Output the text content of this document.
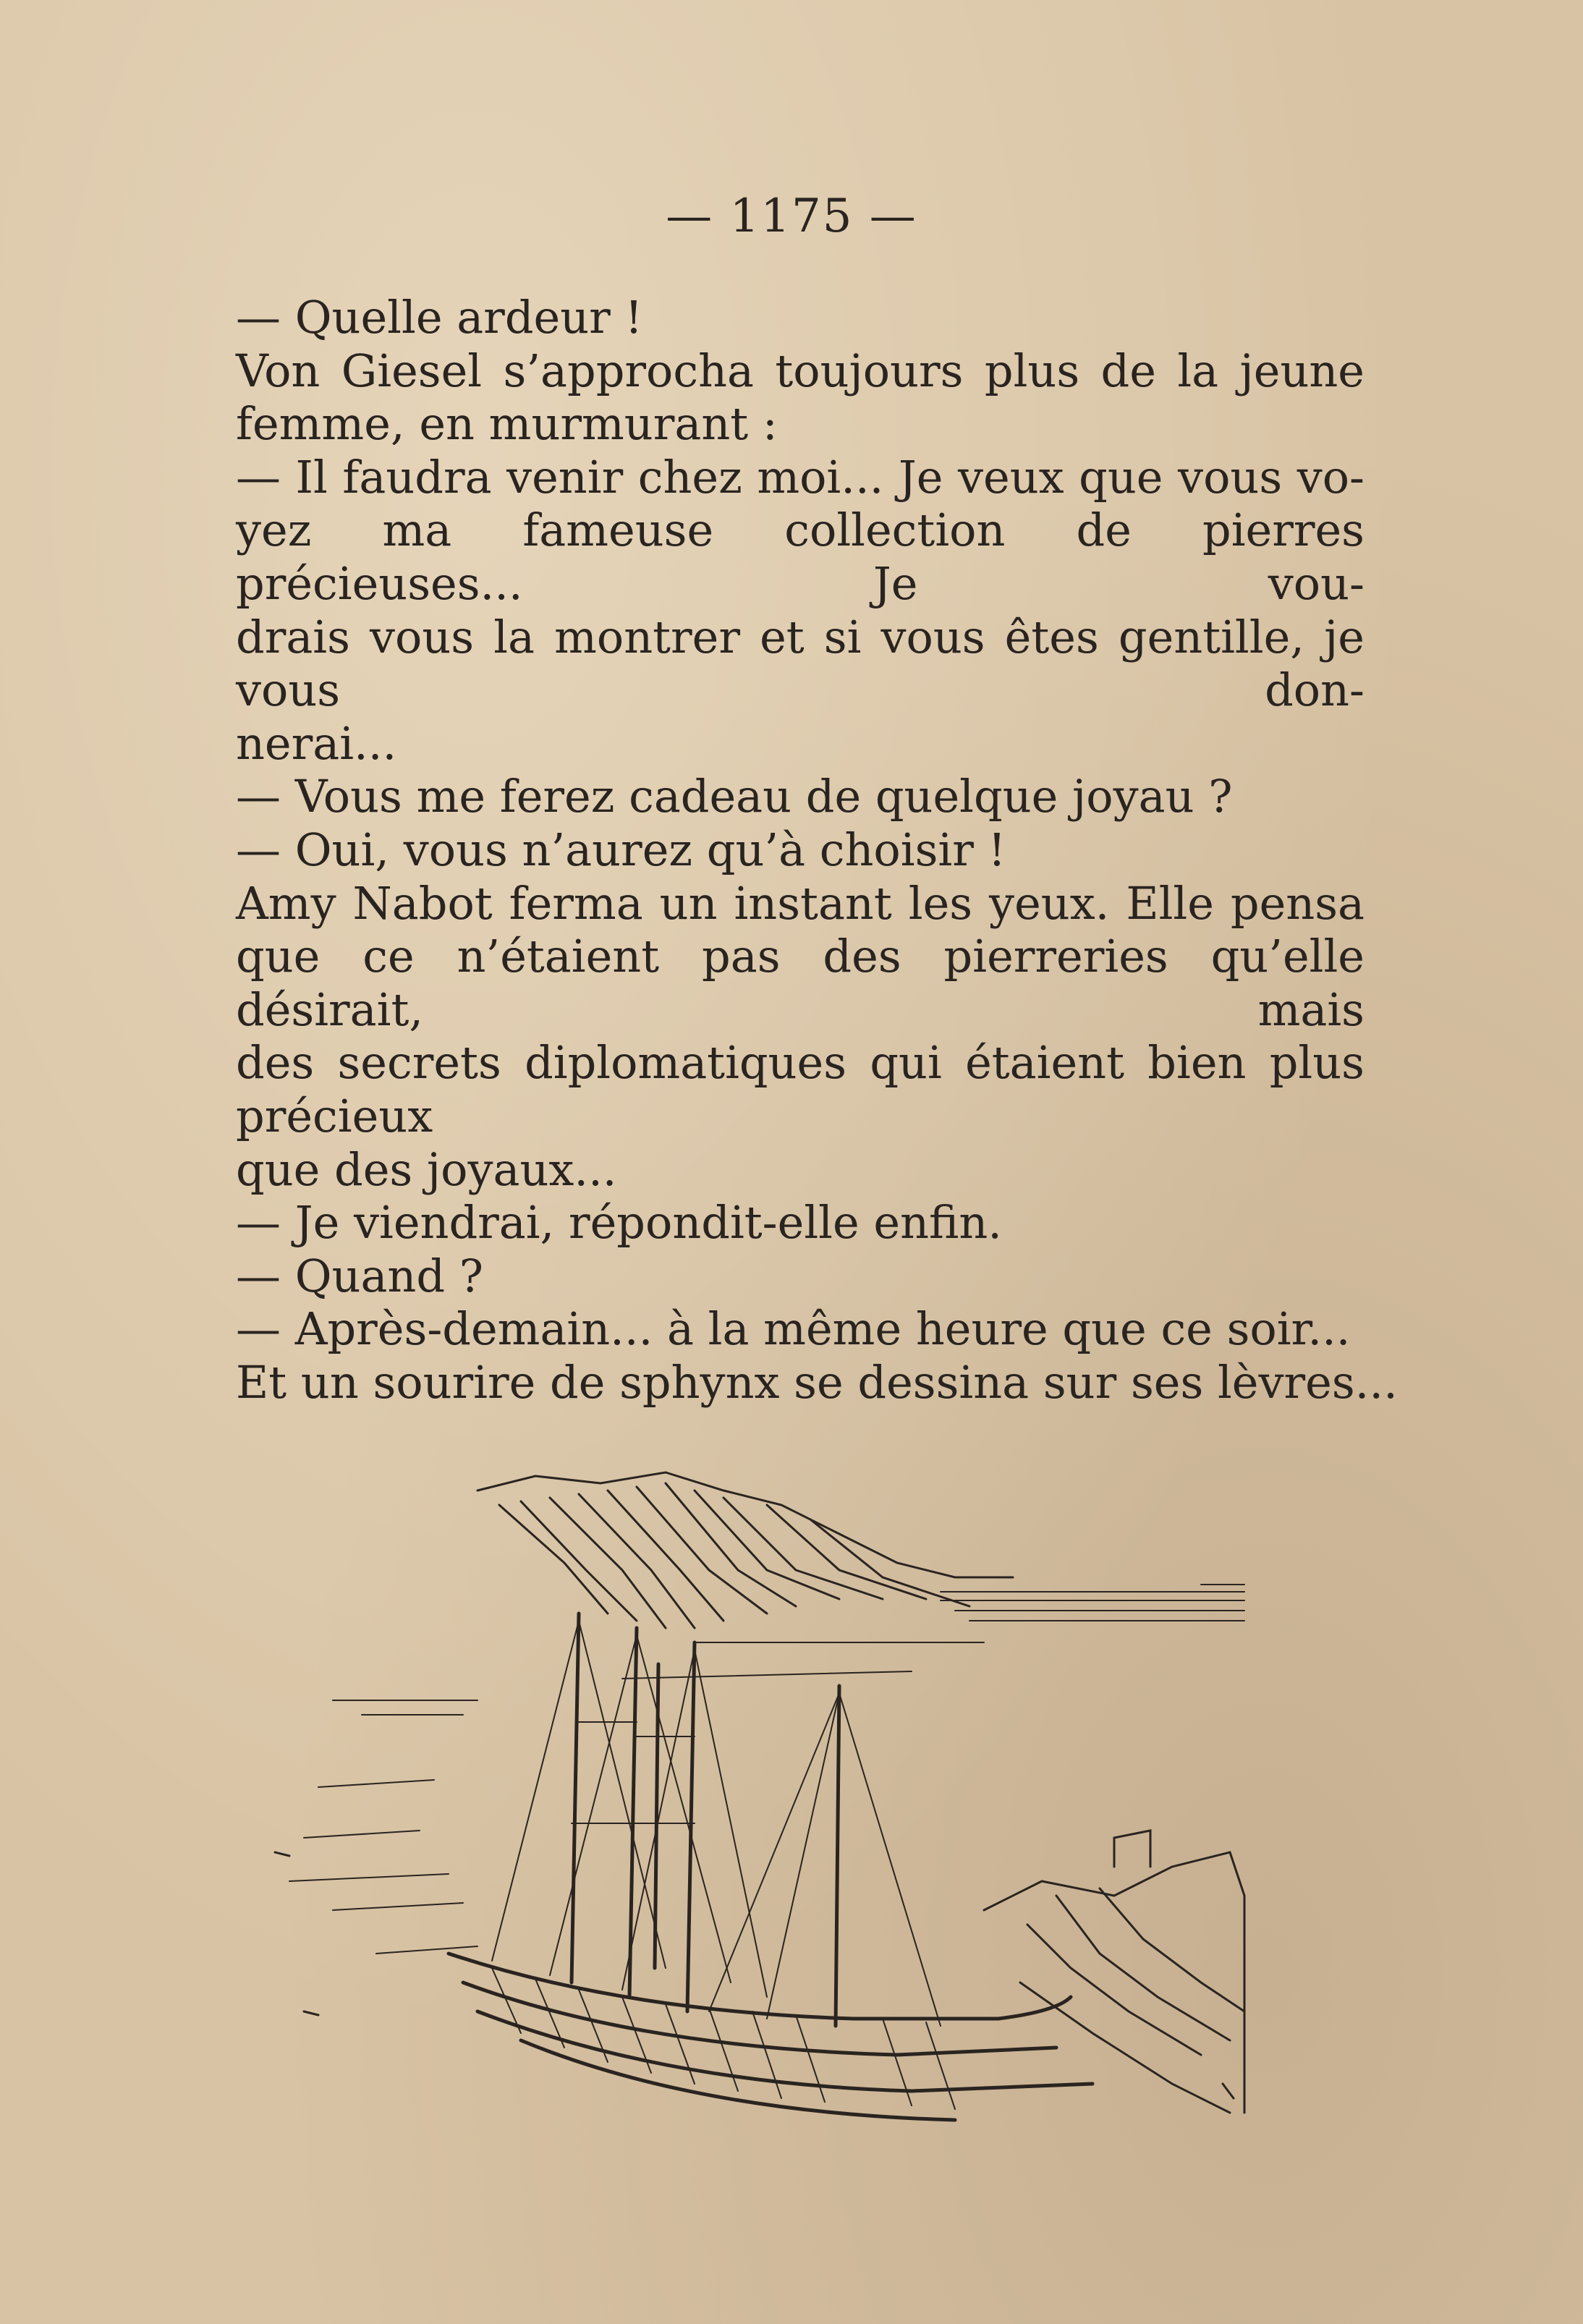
— 1175 —
— Quelle ardeur !
Von Giesel s’approcha toujours plus de la jeune
femme, en murmurant :
— Il faudra venir chez moi... Je veux que vous vo-
yez ma fameuse collection de pierres précieuses... Je vou-
drais vous la montrer et si vous êtes gentille, je vous don-
nerai...
— Vous me ferez cadeau de quelque joyau ?
— Oui, vous n’aurez qu’à choisir !
Amy Nabot ferma un instant les yeux. Elle pensa
que ce n’étaient pas des pierreries qu’elle désirait, mais
des secrets diplomatiques qui étaient bien plus précieux
que des joyaux...
— Je viendrai, répondit-elle enfin.
— Quand ?
— Après-demain... à la même heure que ce soir...
Et un sourire de sphynx se dessina sur ses lèvres...
